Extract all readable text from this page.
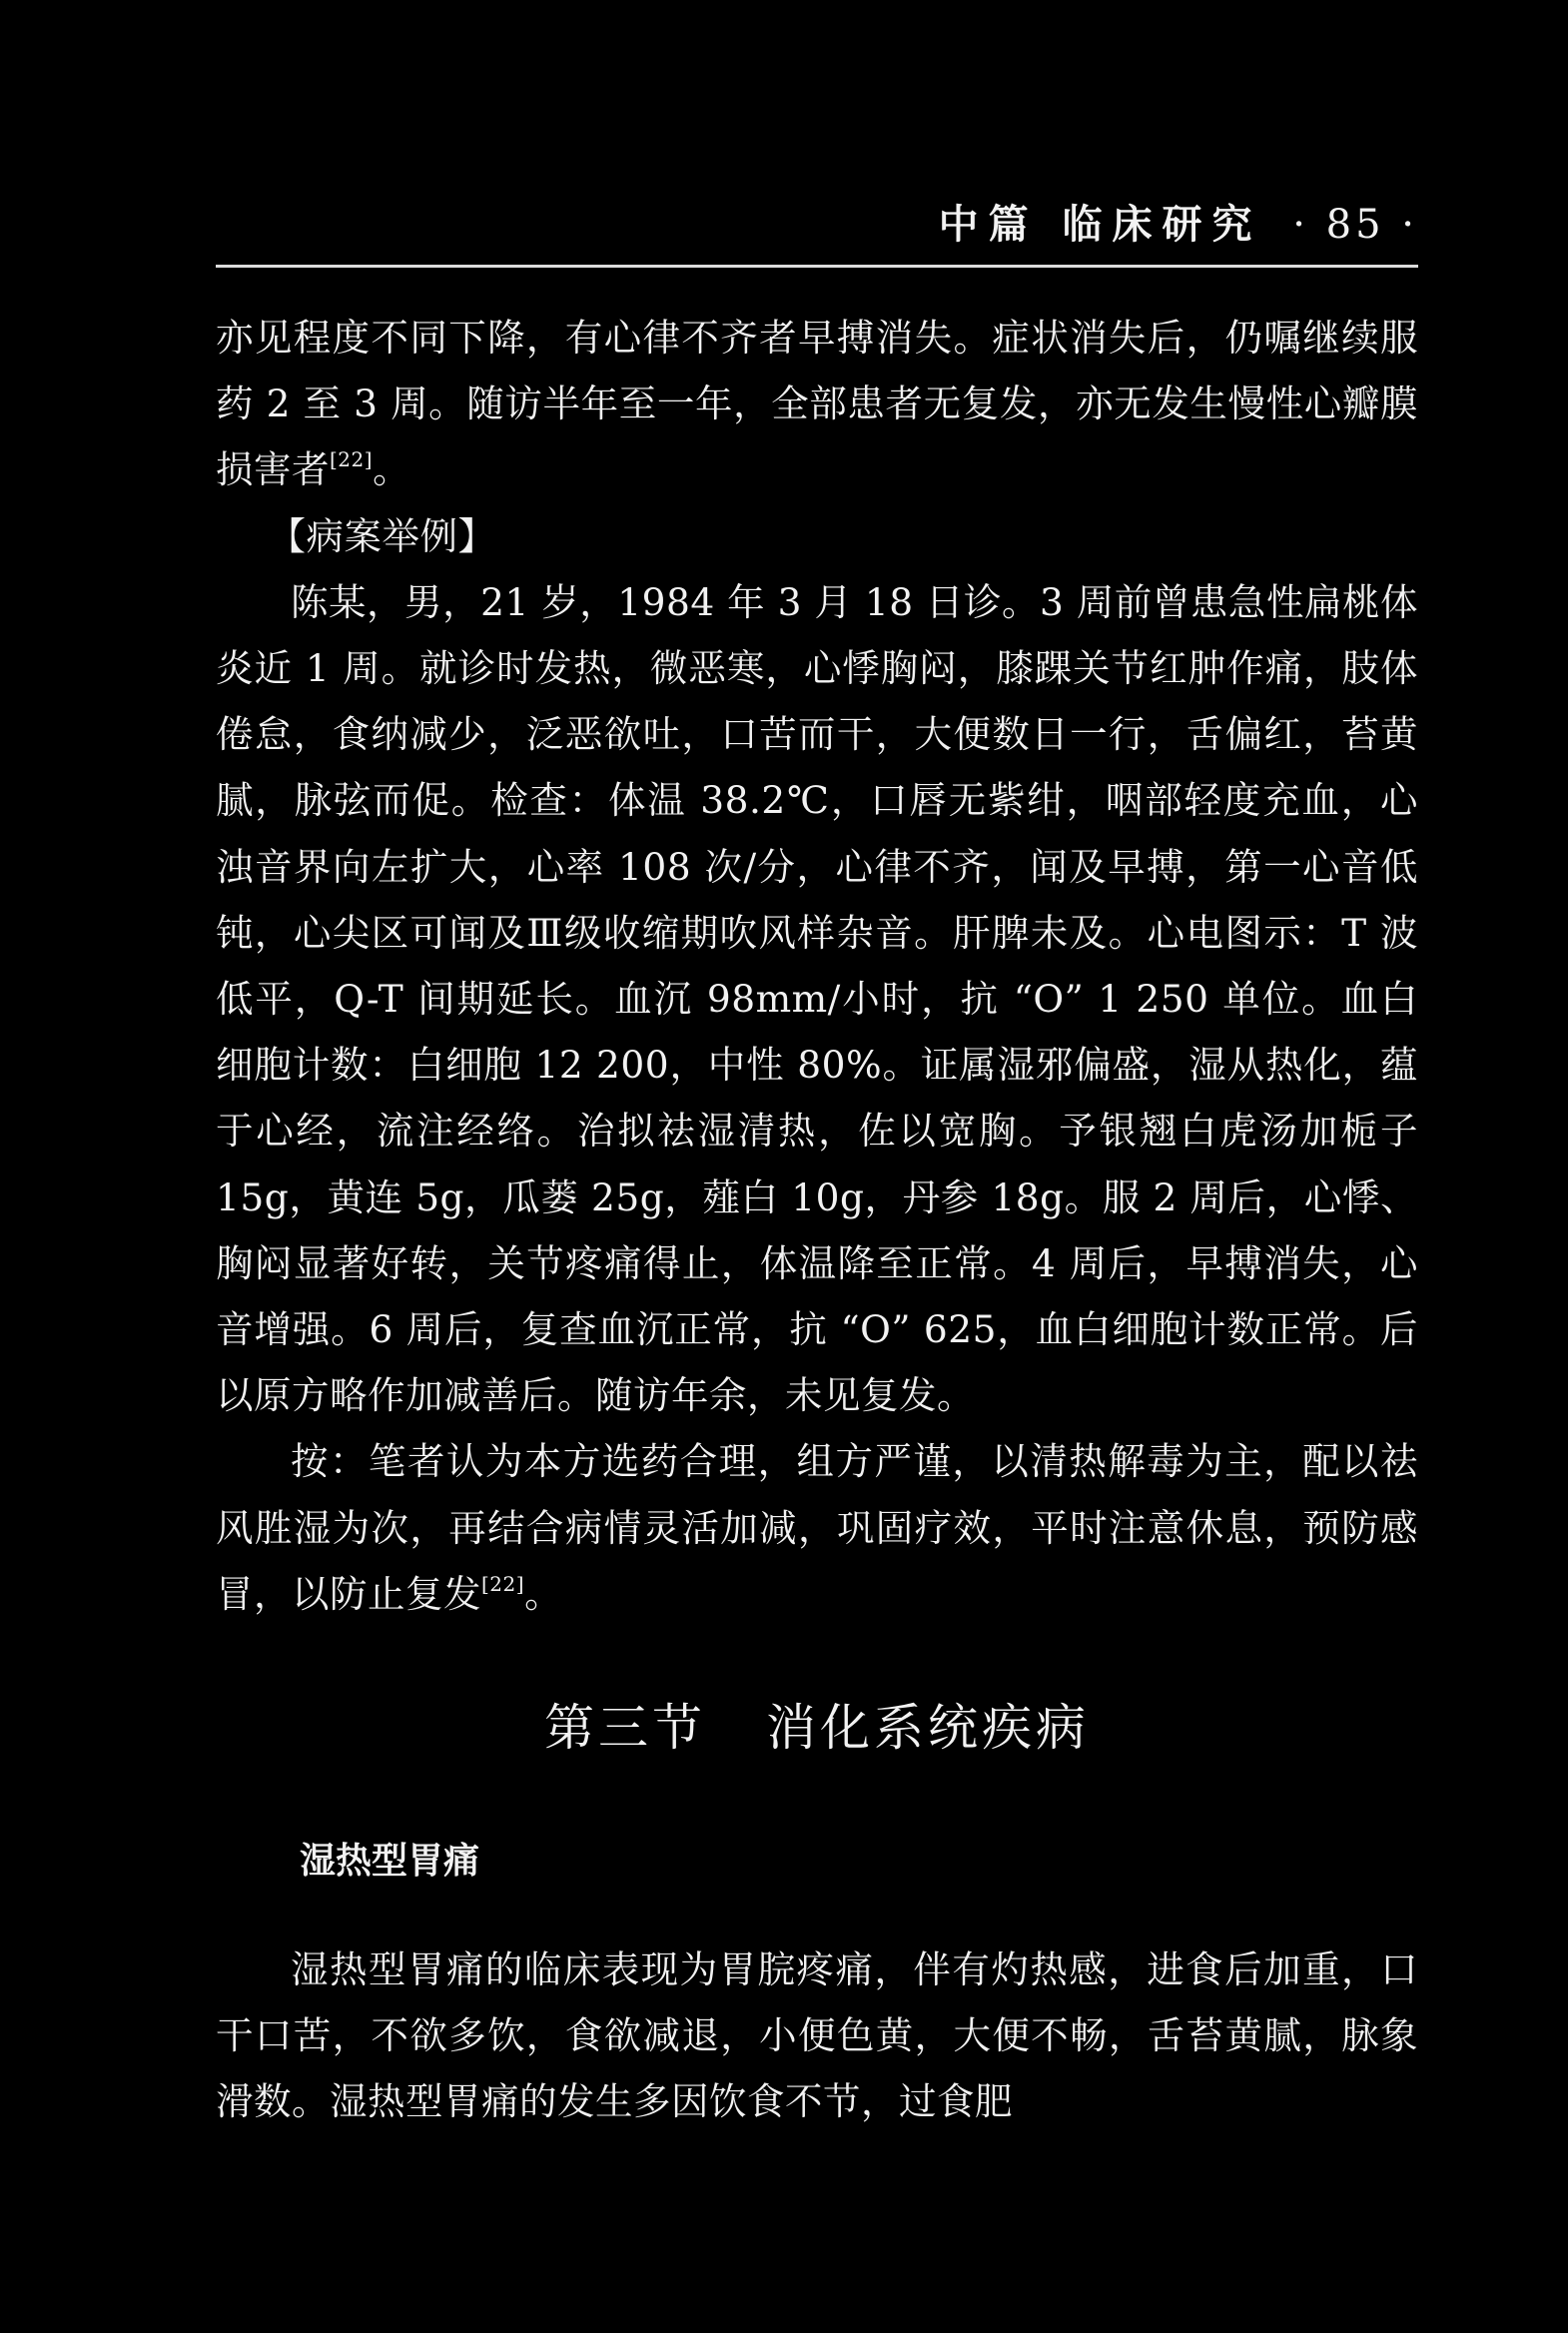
中篇 临床研究 · 85 ·

亦见程度不同下降，有心律不齐者早搏消失。症状消失后，仍嘱继续服药 2 至 3 周。随访半年至一年，全部患者无复发，亦无发生慢性心瓣膜损害者[22]。

【病案举例】

陈某，男，21 岁，1984 年 3 月 18 日诊。3 周前曾患急性扁桃体炎近 1 周。就诊时发热，微恶寒，心悸胸闷，膝踝关节红肿作痛，肢体倦怠，食纳减少，泛恶欲吐，口苦而干，大便数日一行，舌偏红，苔黄腻，脉弦而促。检查：体温 38.2℃，口唇无紫绀，咽部轻度充血，心浊音界向左扩大，心率 108 次/分，心律不齐，闻及早搏，第一心音低钝，心尖区可闻及Ⅲ级收缩期吹风样杂音。肝脾未及。心电图示：T 波低平，Q-T 间期延长。血沉 98mm/小时，抗 “O” 1 250 单位。血白细胞计数：白细胞 12 200，中性 80%。证属湿邪偏盛，湿从热化，蕴于心经，流注经络。治拟祛湿清热，佐以宽胸。予银翘白虎汤加栀子 15g，黄连 5g，瓜蒌 25g，薤白 10g，丹参 18g。服 2 周后，心悸、胸闷显著好转，关节疼痛得止，体温降至正常。4 周后，早搏消失，心音增强。6 周后，复查血沉正常，抗 “O” 625，血白细胞计数正常。后以原方略作加减善后。随访年余，未见复发。

按：笔者认为本方选药合理，组方严谨，以清热解毒为主，配以祛风胜湿为次，再结合病情灵活加减，巩固疗效，平时注意休息，预防感冒，以防止复发[22]。

第三节 消化系统疾病
湿热型胃痛

湿热型胃痛的临床表现为胃脘疼痛，伴有灼热感，进食后加重，口干口苦，不欲多饮，食欲减退，小便色黄，大便不畅，舌苔黄腻，脉象滑数。湿热型胃痛的发生多因饮食不节，过食肥
